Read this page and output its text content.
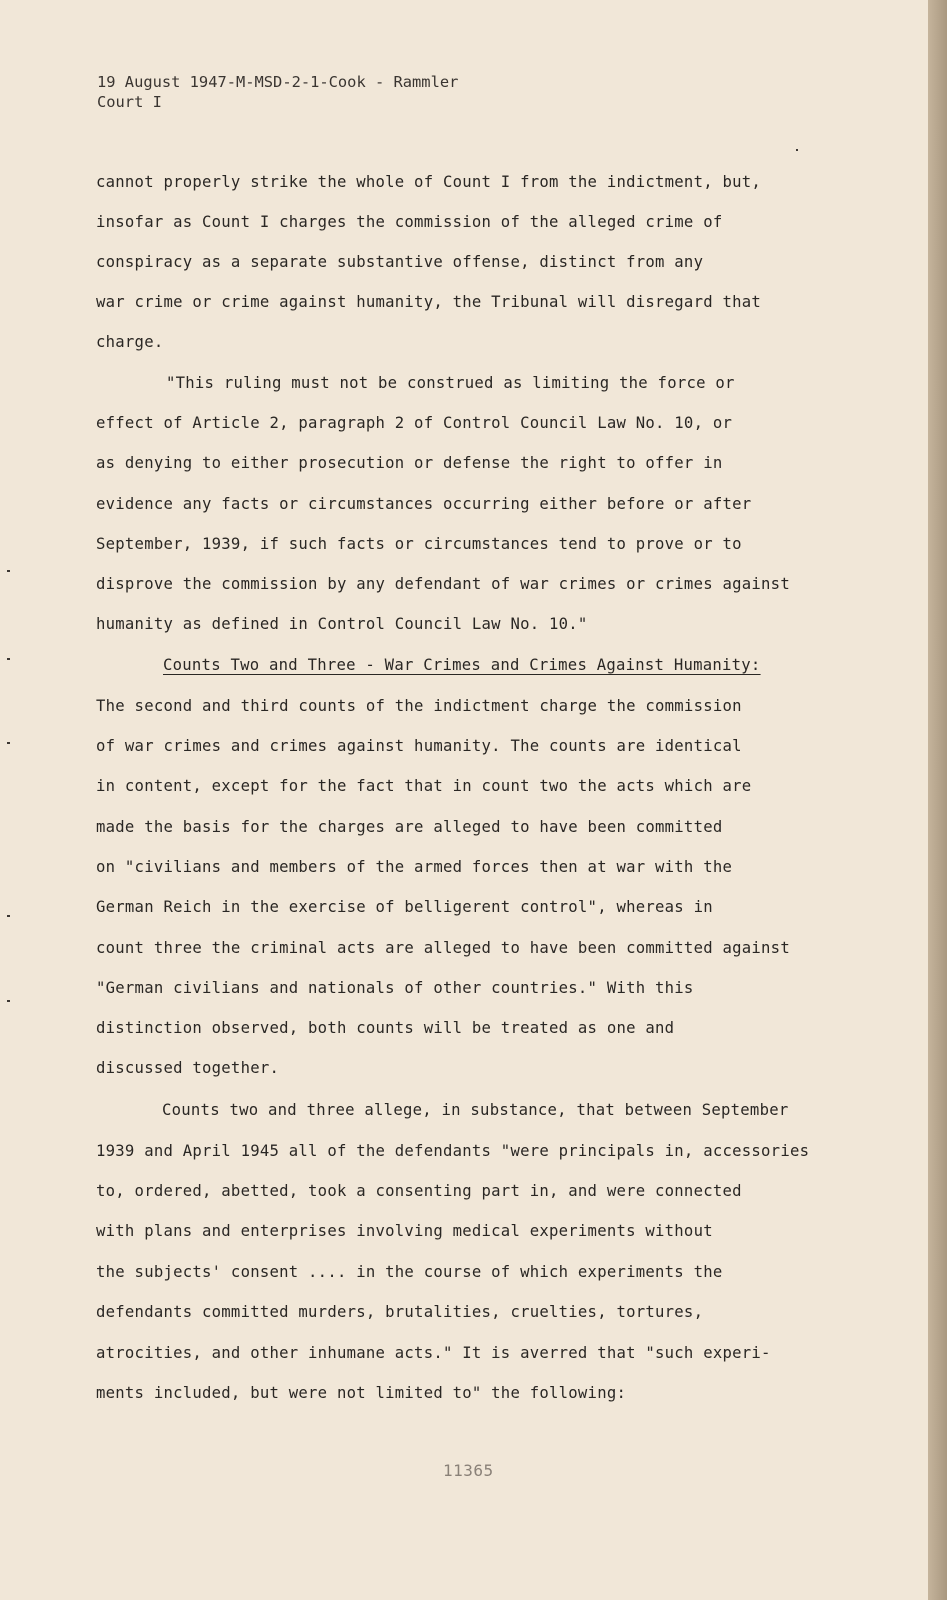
19 August 1947-M-MSD-2-1-Cook - Rammler
Court I
cannot properly strike the whole of Count I from the indictment, but,
insofar as Count I charges the commission of the alleged crime of
conspiracy as a separate substantive offense, distinct from any
war crime or crime against humanity, the Tribunal will disregard that
charge.
"This ruling must not be construed as limiting the force or
effect of Article 2, paragraph 2 of Control Council Law No. 10, or
as denying to either prosecution or defense the right to offer in
evidence any facts or circumstances occurring either before or after
September, 1939, if such facts or circumstances tend to prove or to
disprove the commission by any defendant of war crimes or crimes against
humanity as defined in Control Council Law No. 10."
Counts Two and Three - War Crimes and Crimes Against Humanity:
The second and third counts of the indictment charge the commission
of war crimes and crimes against humanity. The counts are identical
in content, except for the fact that in count two the acts which are
made the basis for the charges are alleged to have been committed
on "civilians and members of the armed forces then at war with the
German Reich in the exercise of belligerent control", whereas in
count three the criminal acts are alleged to have been committed against
"German civilians and nationals of other countries." With this
distinction observed, both counts will be treated as one and
discussed together.
Counts two and three allege, in substance, that between September
1939 and April 1945 all of the defendants "were principals in, accessories
to, ordered, abetted, took a consenting part in, and were connected
with plans and enterprises involving medical experiments without
the subjects' consent .... in the course of which experiments the
defendants committed murders, brutalities, cruelties, tortures,
atrocities, and other inhumane acts." It is averred that "such experi-
ments included, but were not limited to" the following:
11365
